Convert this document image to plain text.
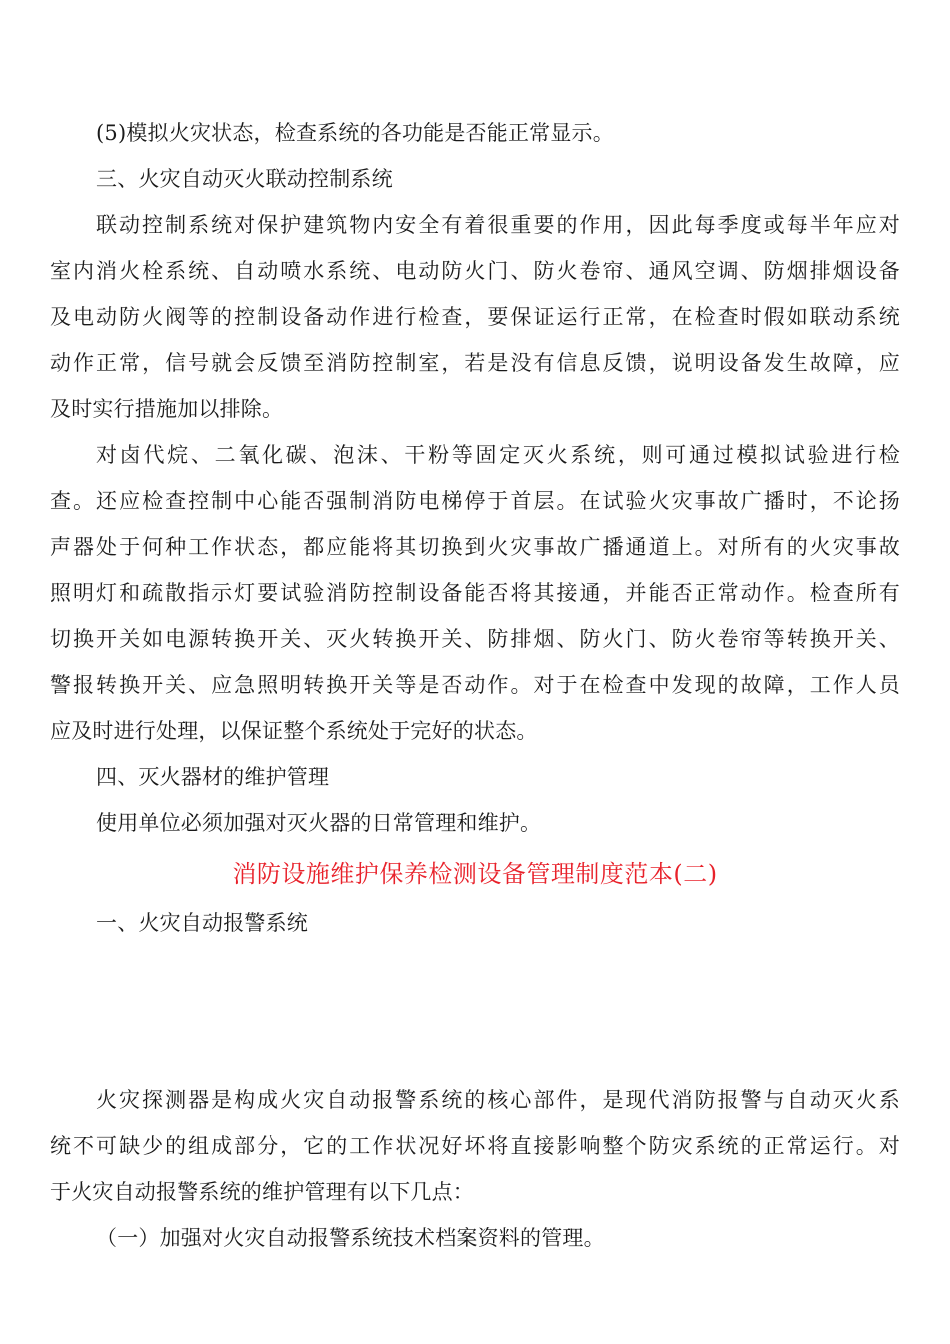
(5)模拟火灾状态，检查系统的各功能是否能正常显示。
三、火灾自动灭火联动控制系统
联动控制系统对保护建筑物内安全有着很重要的作用，因此每季度或每半年应对
室内消火栓系统、自动喷水系统、电动防火门、防火卷帘、通风空调、防烟排烟设备
及电动防火阀等的控制设备动作进行检查，要保证运行正常，在检查时假如联动系统
动作正常，信号就会反馈至消防控制室，若是没有信息反馈，说明设备发生故障，应
及时实行措施加以排除。
对卤代烷、二氧化碳、泡沫、干粉等固定灭火系统，则可通过模拟试验进行检
查。还应检查控制中心能否强制消防电梯停于首层。在试验火灾事故广播时，不论扬
声器处于何种工作状态，都应能将其切换到火灾事故广播通道上。对所有的火灾事故
照明灯和疏散指示灯要试验消防控制设备能否将其接通，并能否正常动作。检查所有
切换开关如电源转换开关、灭火转换开关、防排烟、防火门、防火卷帘等转换开关、
警报转换开关、应急照明转换开关等是否动作。对于在检查中发现的故障，工作人员
应及时进行处理，以保证整个系统处于完好的状态。
四、灭火器材的维护管理
使用单位必须加强对灭火器的日常管理和维护。
消防设施维护保养检测设备管理制度范本(二)
一、火灾自动报警系统
火灾探测器是构成火灾自动报警系统的核心部件，是现代消防报警与自动灭火系
统不可缺少的组成部分，它的工作状况好坏将直接影响整个防灾系统的正常运行。对
于火灾自动报警系统的维护管理有以下几点：
（一）加强对火灾自动报警系统技术档案资料的管理。
